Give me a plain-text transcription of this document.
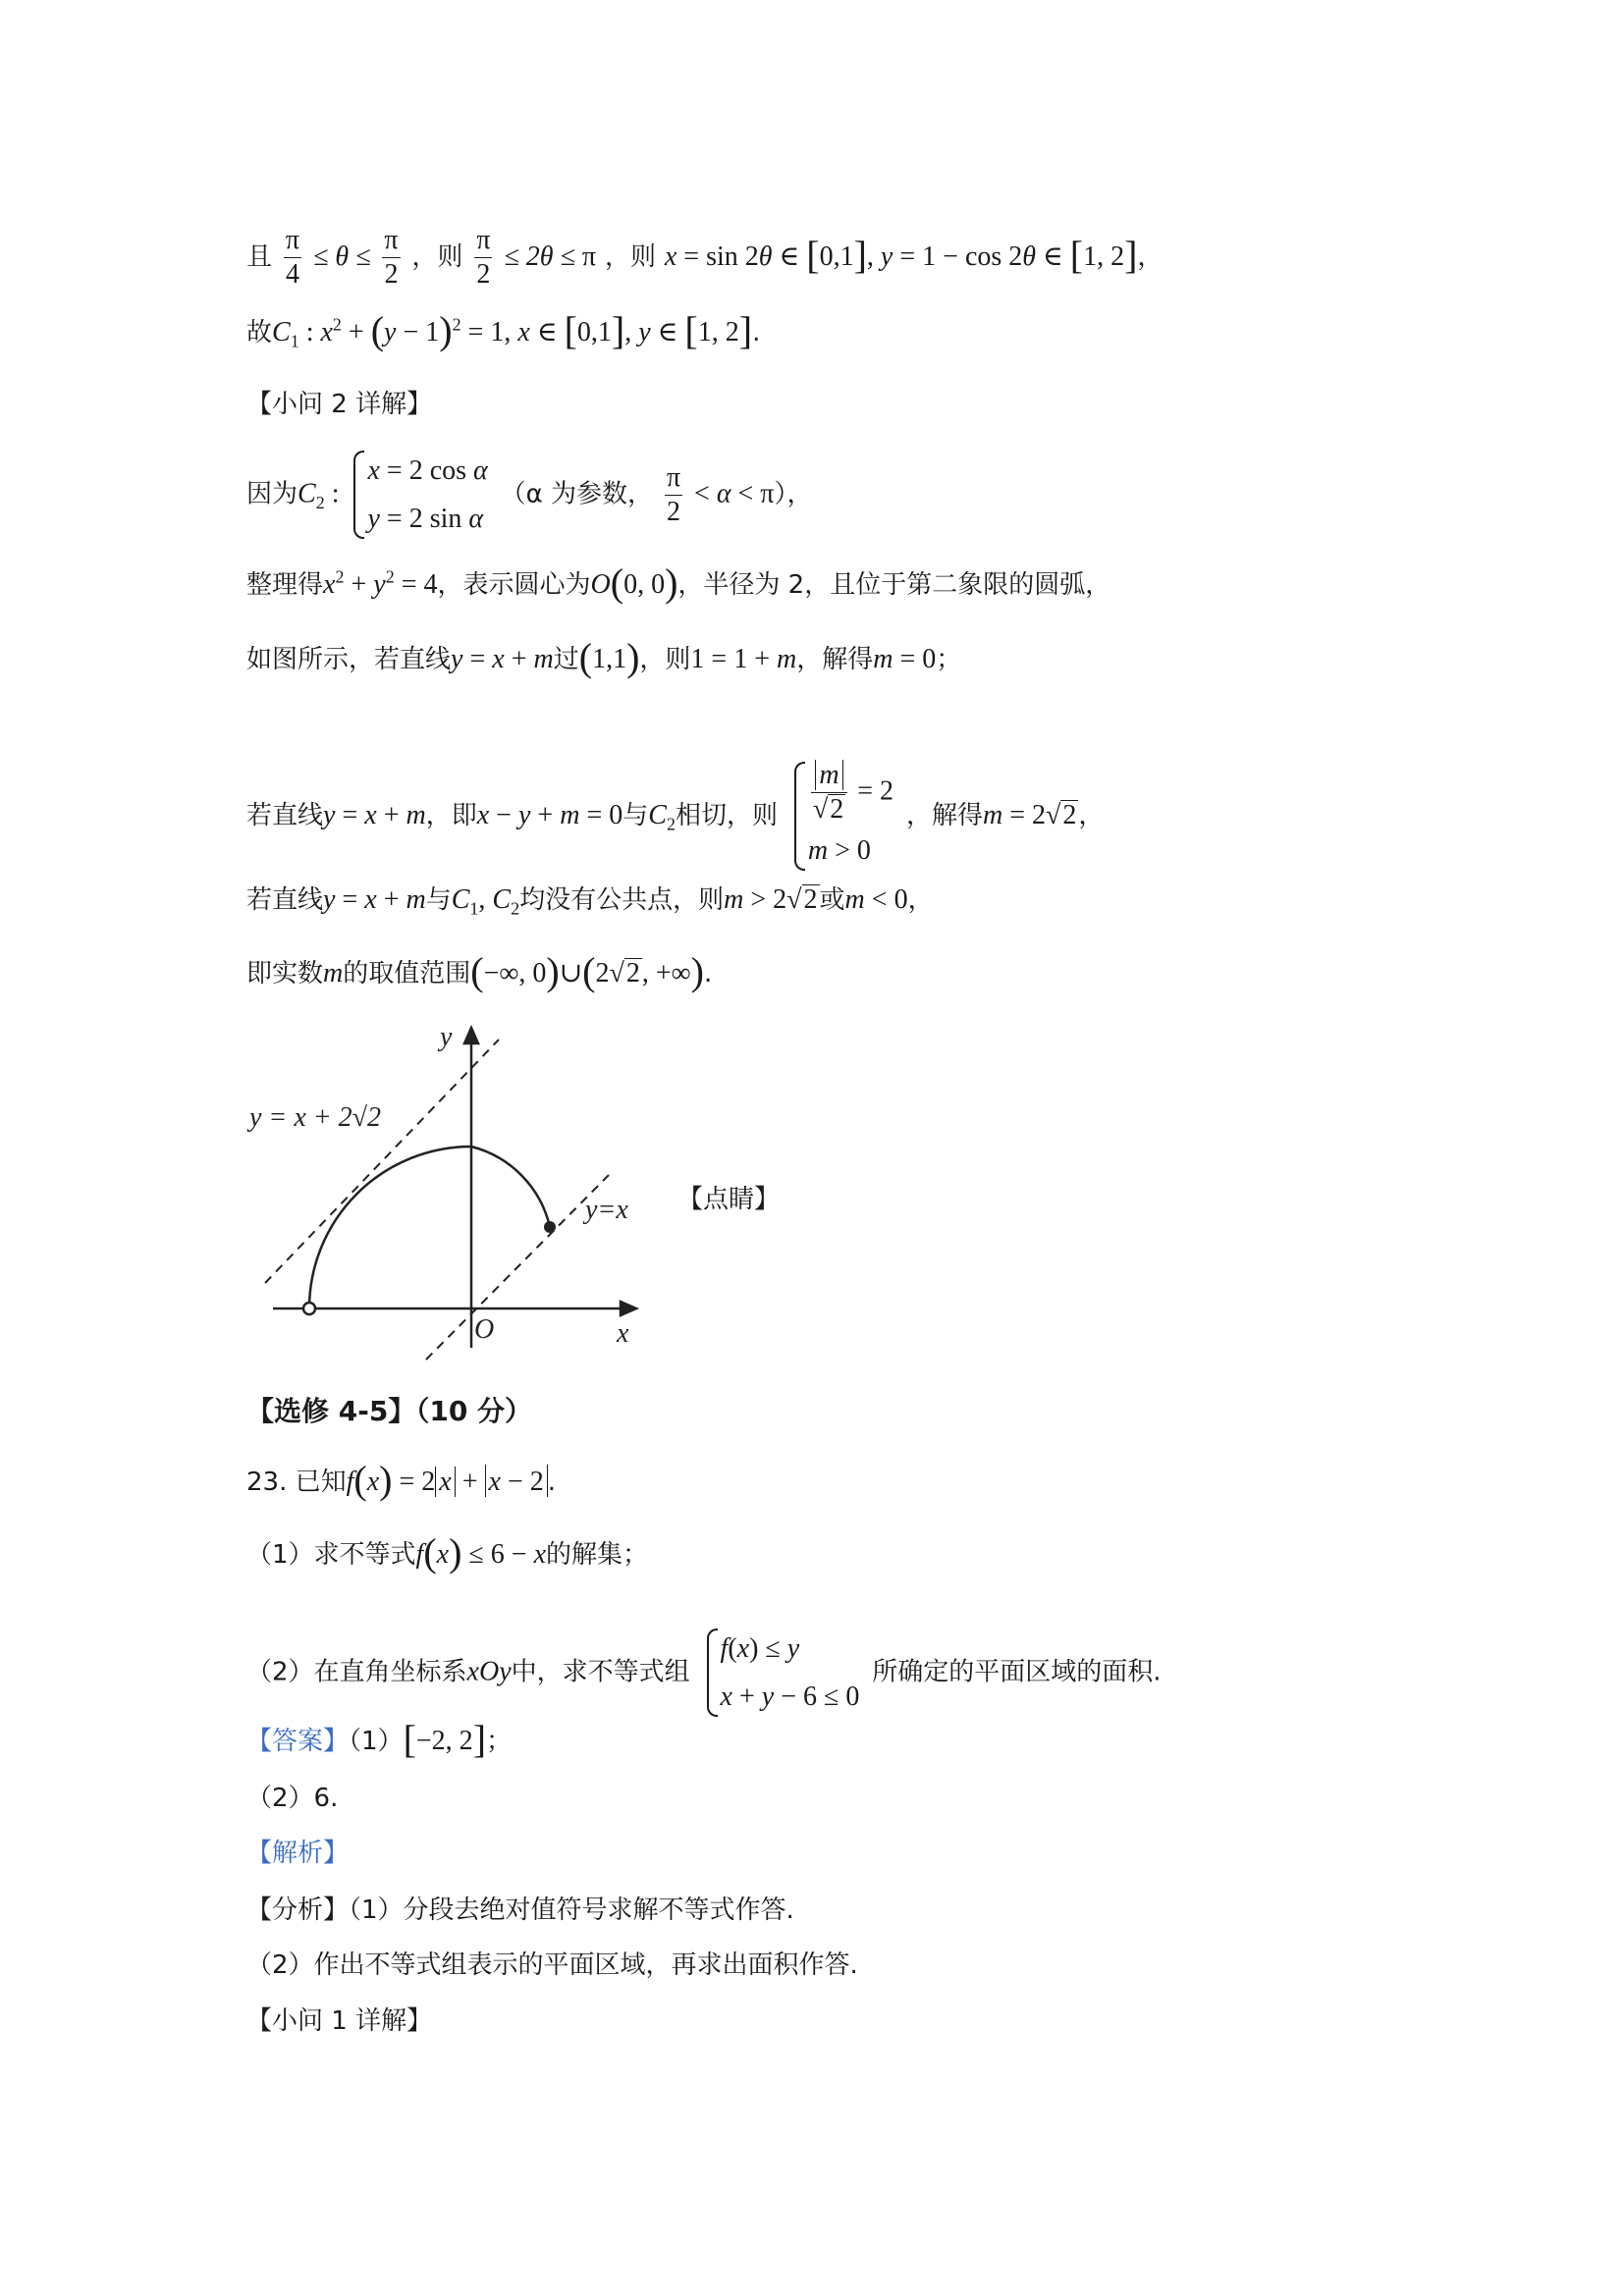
且 $\frac{\pi}{4} \le \theta \le \frac{\pi}{2}$ ，则 $\frac{\pi}{2} \le 2\theta \le \pi$ ，则 x = sin 2θ ∈ [0,1], y = 1 − cos 2θ ∈ [1, 2]，
故$C_1$ : $x^2 + (y - 1)^2 = 1$, x ∈ [0,1], y ∈ [1, 2].
【小问 2 详解】
因为$C_2$ :
x = 2 cos α
y = 2 sin α
（α 为参数， $\frac{\pi}{2} < \alpha < \pi$），
整理得$x^2 + y^2 = 4$，表示圆心为O(0, 0)，半径为 2，且位于第二象限的圆弧，
如图所示，若直线y = x + m过(1,1)，则1 = 1 + m，解得m = 0；
若直线y = x + m，即x − y + m = 0与$C_2$相切，则 $\frac{m}{√2} = 2$
m > 0
，解得m = 2√2，
若直线y = x + m与$C_1$, $C_2$均没有公共点，则m > 2√2或m < 0，
即实数m的取值范围(−∞, 0)∪(2√2, +∞).
y
x
O
y = x + 2√2
y=x 【点睛】
【选修 4-5】（10 分）
23. 已知f(x) = 2 x + x − 2 .
（1）求不等式f(x) ≤ 6 − x的解集；
（2）在直角坐标系xOy中，求不等式组
f(x) ≤ y
x + y − 6 ≤ 0
所确定的平面区域的面积.
【答案】（1）[−2, 2]；
（2）6.
【解析】
【分析】（1）分段去绝对值符号求解不等式作答.
（2）作出不等式组表示的平面区域，再求出面积作答.
【小问 1 详解】
